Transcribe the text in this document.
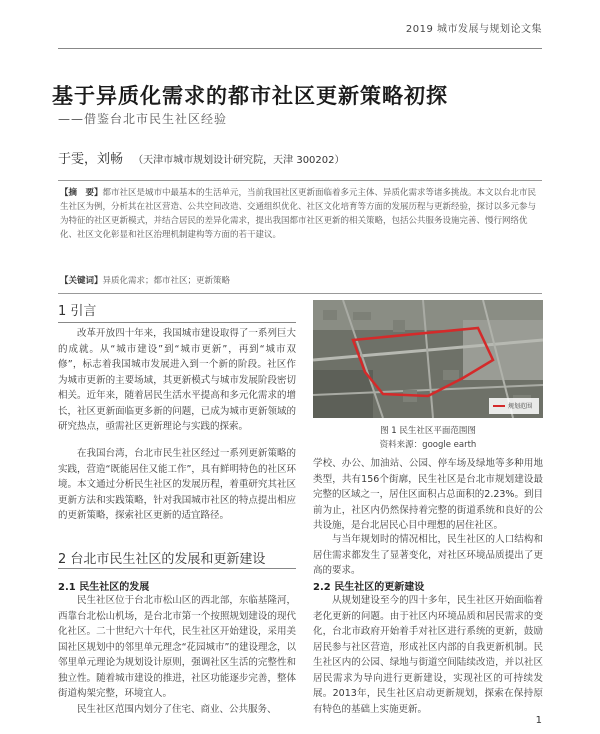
2019 城市发展与规划论文集
基于异质化需求的都市社区更新策略初探
——借鉴台北市民生社区经验
于雯，刘畅 （天津市城市规划设计研究院，天津 300202）
【摘　要】都市社区是城市中最基本的生活单元，当前我国社区更新面临着多元主体、异质化需求等诸多挑战。本文以台北市民生社区为例，分析其在社区营造、公共空间改造、交通组织优化、社区文化培育等方面的发展历程与更新经验，探讨以多元参与为特征的社区更新模式，并结合居民的差异化需求，提出我国都市社区更新的相关策略，包括公共服务设施完善、慢行网络优化、社区文化彰显和社区治理机制建构等方面的若干建议。
【关键词】异质化需求；都市社区；更新策略
1 引言
改革开放四十年来，我国城市建设取得了一系列巨大的成就。从“城市建设”到“城市更新”，再到“城市双修”，标志着我国城市发展进入到一个新的阶段。社区作为城市更新的主要场域，其更新模式与城市发展阶段密切相关。近年来，随着居民生活水平提高和多元化需求的增长，社区更新面临更多新的问题，已成为城市更新领域的研究热点，亟需社区更新理论与实践的探索。
在我国台湾，台北市民生社区经过一系列更新策略的实践，营造“既能居住又能工作”，具有鲜明特色的社区环境。本文通过分析民生社区的发展历程，着重研究其社区更新方法和实践策略，针对我国城市社区的特点提出相应的更新策略，探索社区更新的适宜路径。
2 台北市民生社区的发展和更新建设
2.1 民生社区的发展
民生社区位于台北市松山区的西北部，东临基隆河，西靠台北松山机场，是台北市第一个按照规划建设的现代化社区。二十世纪六十年代，民生社区开始建设，采用美国社区规划中的邻里单元理念“花园城市”的建设理念，以邻里单元理论为规划设计原则，强调社区生活的完整性和独立性。随着城市建设的推进，社区功能逐步完善，整体街道构架完整，环境宜人。
民生社区范围内划分了住宅、商业、公共服务、
规划范围
图 1 民生社区平面范围图
资料来源：google earth
学校、办公、加油站、公园、停车场及绿地等多种用地类型，共有156个街廓，民生社区是台北市规划建设最完整的区域之一，居住区面积占总面积的2.23%。到目前为止，社区内仍然保持着完整的街道系统和良好的公共设施，是台北居民心目中理想的居住社区。
与当年规划时的情况相比，民生社区的人口结构和居住需求都发生了显著变化，对社区环境品质提出了更高的要求。
2.2 民生社区的更新建设
从规划建设至今的四十多年，民生社区开始面临着老化更新的问题。由于社区内环境品质和居民需求的变化，台北市政府开始着手对社区进行系统的更新，鼓励居民参与社区营造，形成社区内部的自我更新机制。民生社区内的公园、绿地与街道空间陆续改造，并以社区居民需求为导向进行更新建设，实现社区的可持续发展。2013年，民生社区启动更新规划，探索在保持原有特色的基础上实施更新。
1
